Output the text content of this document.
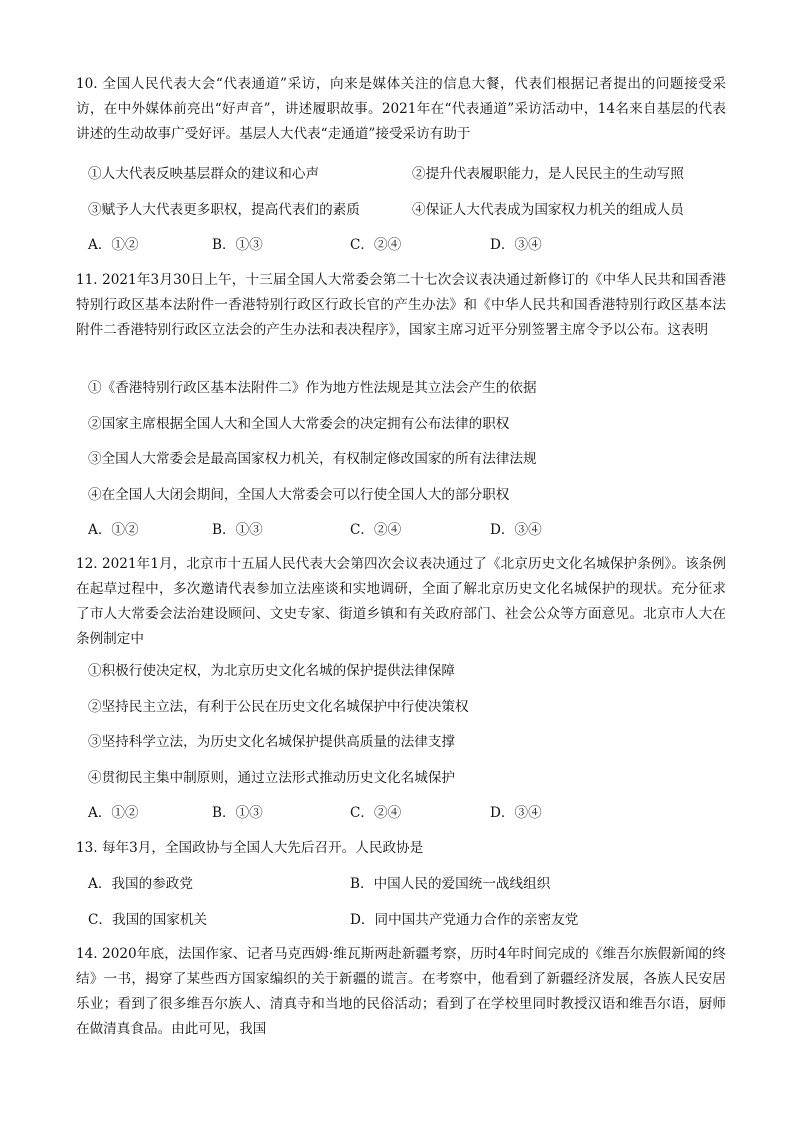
10. 全国人民代表大会“代表通道”采访，向来是媒体关注的信息大餐，代表们根据记者提出的问题接受采访，在中外媒体前亮出“好声音”，讲述履职故事。2021年在“代表通道”采访活动中，14名来自基层的代表讲述的生动故事广受好评。基层人大代表“走通道”接受采访有助于

①人大代表反映基层群众的建议和心声	②提升代表履职能力，是人民民主的生动写照
③赋予人大代表更多职权，提高代表们的素质	④保证人大代表成为国家权力机关的组成人员
A．①②	B．①③	C．②④	D．③④

11. 2021年3月30日上午，十三届全国人大常委会第二十七次会议表决通过新修订的《中华人民共和国香港特别行政区基本法附件一香港特别行政区行政长官的产生办法》和《中华人民共和国香港特别行政区基本法附件二香港特别行政区立法会的产生办法和表决程序》，国家主席习近平分别签署主席令予以公布。这表明

①《香港特别行政区基本法附件二》作为地方性法规是其立法会产生的依据
②国家主席根据全国人大和全国人大常委会的决定拥有公布法律的职权
③全国人大常委会是最高国家权力机关，有权制定修改国家的所有法律法规
④在全国人大闭会期间，全国人大常委会可以行使全国人大的部分职权
A．①②	B．①③	C．②④	D．③④

12. 2021年1月，北京市十五届人民代表大会第四次会议表决通过了《北京历史文化名城保护条例》。该条例在起草过程中，多次邀请代表参加立法座谈和实地调研，全面了解北京历史文化名城保护的现状。充分征求了市人大常委会法治建设顾问、文史专家、街道乡镇和有关政府部门、社会公众等方面意见。北京市人大在条例制定中

①积极行使决定权，为北京历史文化名城的保护提供法律保障
②坚持民主立法，有利于公民在历史文化名城保护中行使决策权
③坚持科学立法，为历史文化名城保护提供高质量的法律支撑
④贯彻民主集中制原则，通过立法形式推动历史文化名城保护
A．①②	B．①③	C．②④	D．③④

13. 每年3月，全国政协与全国人大先后召开。人民政协是

A．我国的参政党	B．中国人民的爱国统一战线组织
C．我国的国家机关	D．同中国共产党通力合作的亲密友党

14. 2020年底，法国作家、记者马克西姆·维瓦斯两赴新疆考察，历时4年时间完成的《维吾尔族假新闻的终结》一书，揭穿了某些西方国家编织的关于新疆的谎言。在考察中，他看到了新疆经济发展，各族人民安居乐业；看到了很多维吾尔族人、清真寺和当地的民俗活动；看到了在学校里同时教授汉语和维吾尔语，厨师在做清真食品。由此可见，我国
